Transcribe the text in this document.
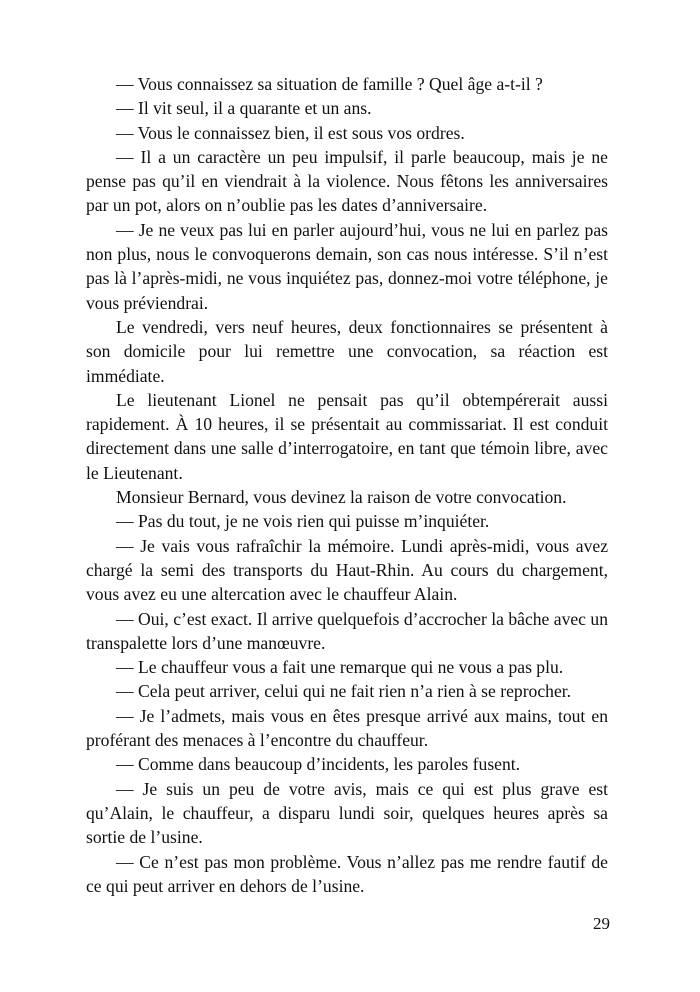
— Vous connaissez sa situation de famille ? Quel âge a-t-il ?

— Il vit seul, il a quarante et un ans.

— Vous le connaissez bien, il est sous vos ordres.

— Il a un caractère un peu impulsif, il parle beaucoup, mais je ne pense pas qu’il en viendrait à la violence. Nous fêtons les anniversaires par un pot, alors on n’oublie pas les dates d’anniversaire.

— Je ne veux pas lui en parler aujourd’hui, vous ne lui en parlez pas non plus, nous le convoquerons demain, son cas nous intéresse. S’il n’est pas là l’après-midi, ne vous inquiétez pas, donnez-moi votre téléphone, je vous préviendrai.

Le vendredi, vers neuf heures, deux fonctionnaires se présentent à son domicile pour lui remettre une convocation, sa réaction est immédiate.

Le lieutenant Lionel ne pensait pas qu’il obtempérerait aussi rapidement. À 10 heures, il se présentait au commissariat. Il est conduit directement dans une salle d’interrogatoire, en tant que témoin libre, avec le Lieutenant.

Monsieur Bernard, vous devinez la raison de votre convocation.

— Pas du tout, je ne vois rien qui puisse m’inquiéter.

— Je vais vous rafraîchir la mémoire. Lundi après-midi, vous avez chargé la semi des transports du Haut-Rhin. Au cours du chargement, vous avez eu une altercation avec le chauffeur Alain.

— Oui, c’est exact. Il arrive quelquefois d’accrocher la bâche avec un transpalette lors d’une manœuvre.

— Le chauffeur vous a fait une remarque qui ne vous a pas plu.

— Cela peut arriver, celui qui ne fait rien n’a rien à se reprocher.

— Je l’admets, mais vous en êtes presque arrivé aux mains, tout en proférant des menaces à l’encontre du chauffeur.

— Comme dans beaucoup d’incidents, les paroles fusent.

— Je suis un peu de votre avis, mais ce qui est plus grave est qu’Alain, le chauffeur, a disparu lundi soir, quelques heures après sa sortie de l’usine.

— Ce n’est pas mon problème. Vous n’allez pas me rendre fautif de ce qui peut arriver en dehors de l’usine.

29
